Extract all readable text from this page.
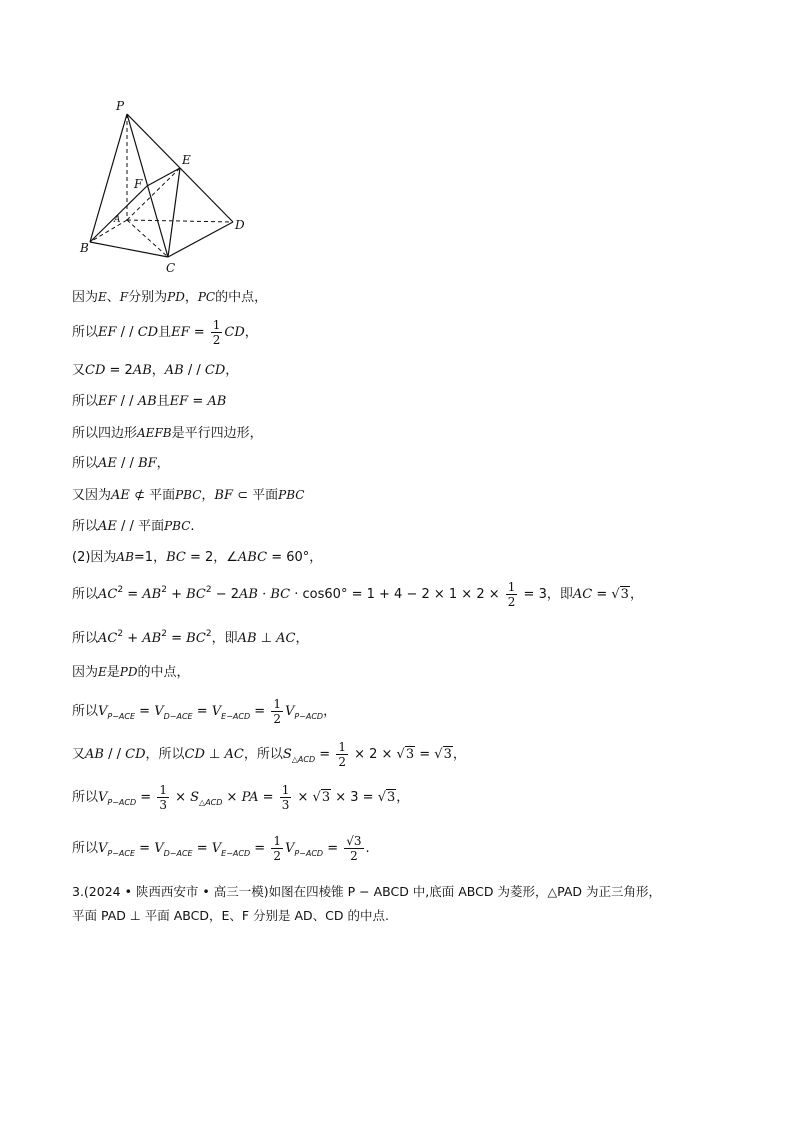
P
E
F
A
B
C
D
因为E、F分别为PD，PC的中点，
所以EF / / CD且EF = $\frac{1}{2}$ CD，
又CD = 2AB，AB / / CD，
所以EF / / AB且EF = AB
所以四边形AEFB是平行四边形，
所以AE / / BF，
又因为AE ⊄ 平面PBC，BF ⊂ 平面PBC
所以AE / / 平面PBC.
(2)因为AB=1，BC = 2，∠ABC = 60°，
所以$AC^2 = AB^2 + BC^2 - 2AB$ · BC · $\cos 60^\circ = 1 + 4 - 2 \times 1 \times 2 \times \frac{1}{2} = 3$，即AC = √3，
所以$AC^2 + AB^2 = BC^2$，即AB ⊥ AC，
因为E是PD的中点，
所以$V_{P-ACE} = V_{D-ACE} = V_{E-ACD} = \frac{1}{2} V_{P-ACD}$，
又AB / / CD，所以CD ⊥ AC，所以$S_{\triangle ACD} = \frac{1}{2} \times 2 \times √3 = √3$，
所以$V_{P-ACD} = \frac{1}{3} \times S_{\triangle ACD}$ × PA = $\frac{1}{3} \times √3 \times 3 = √3$，
所以$V_{P-ACE} = V_{D-ACE} = V_{E-ACD} = \frac{1}{2} V_{P-ACD} = \frac{√3}{2}$ .
3.(2024 • 陕西西安市 • 高三一模)如图在四棱锥 P − ABCD 中,底面 ABCD 为菱形，△PAD 为正三角形，
平面 PAD ⊥ 平面 ABCD，E、F 分别是 AD、CD 的中点.
